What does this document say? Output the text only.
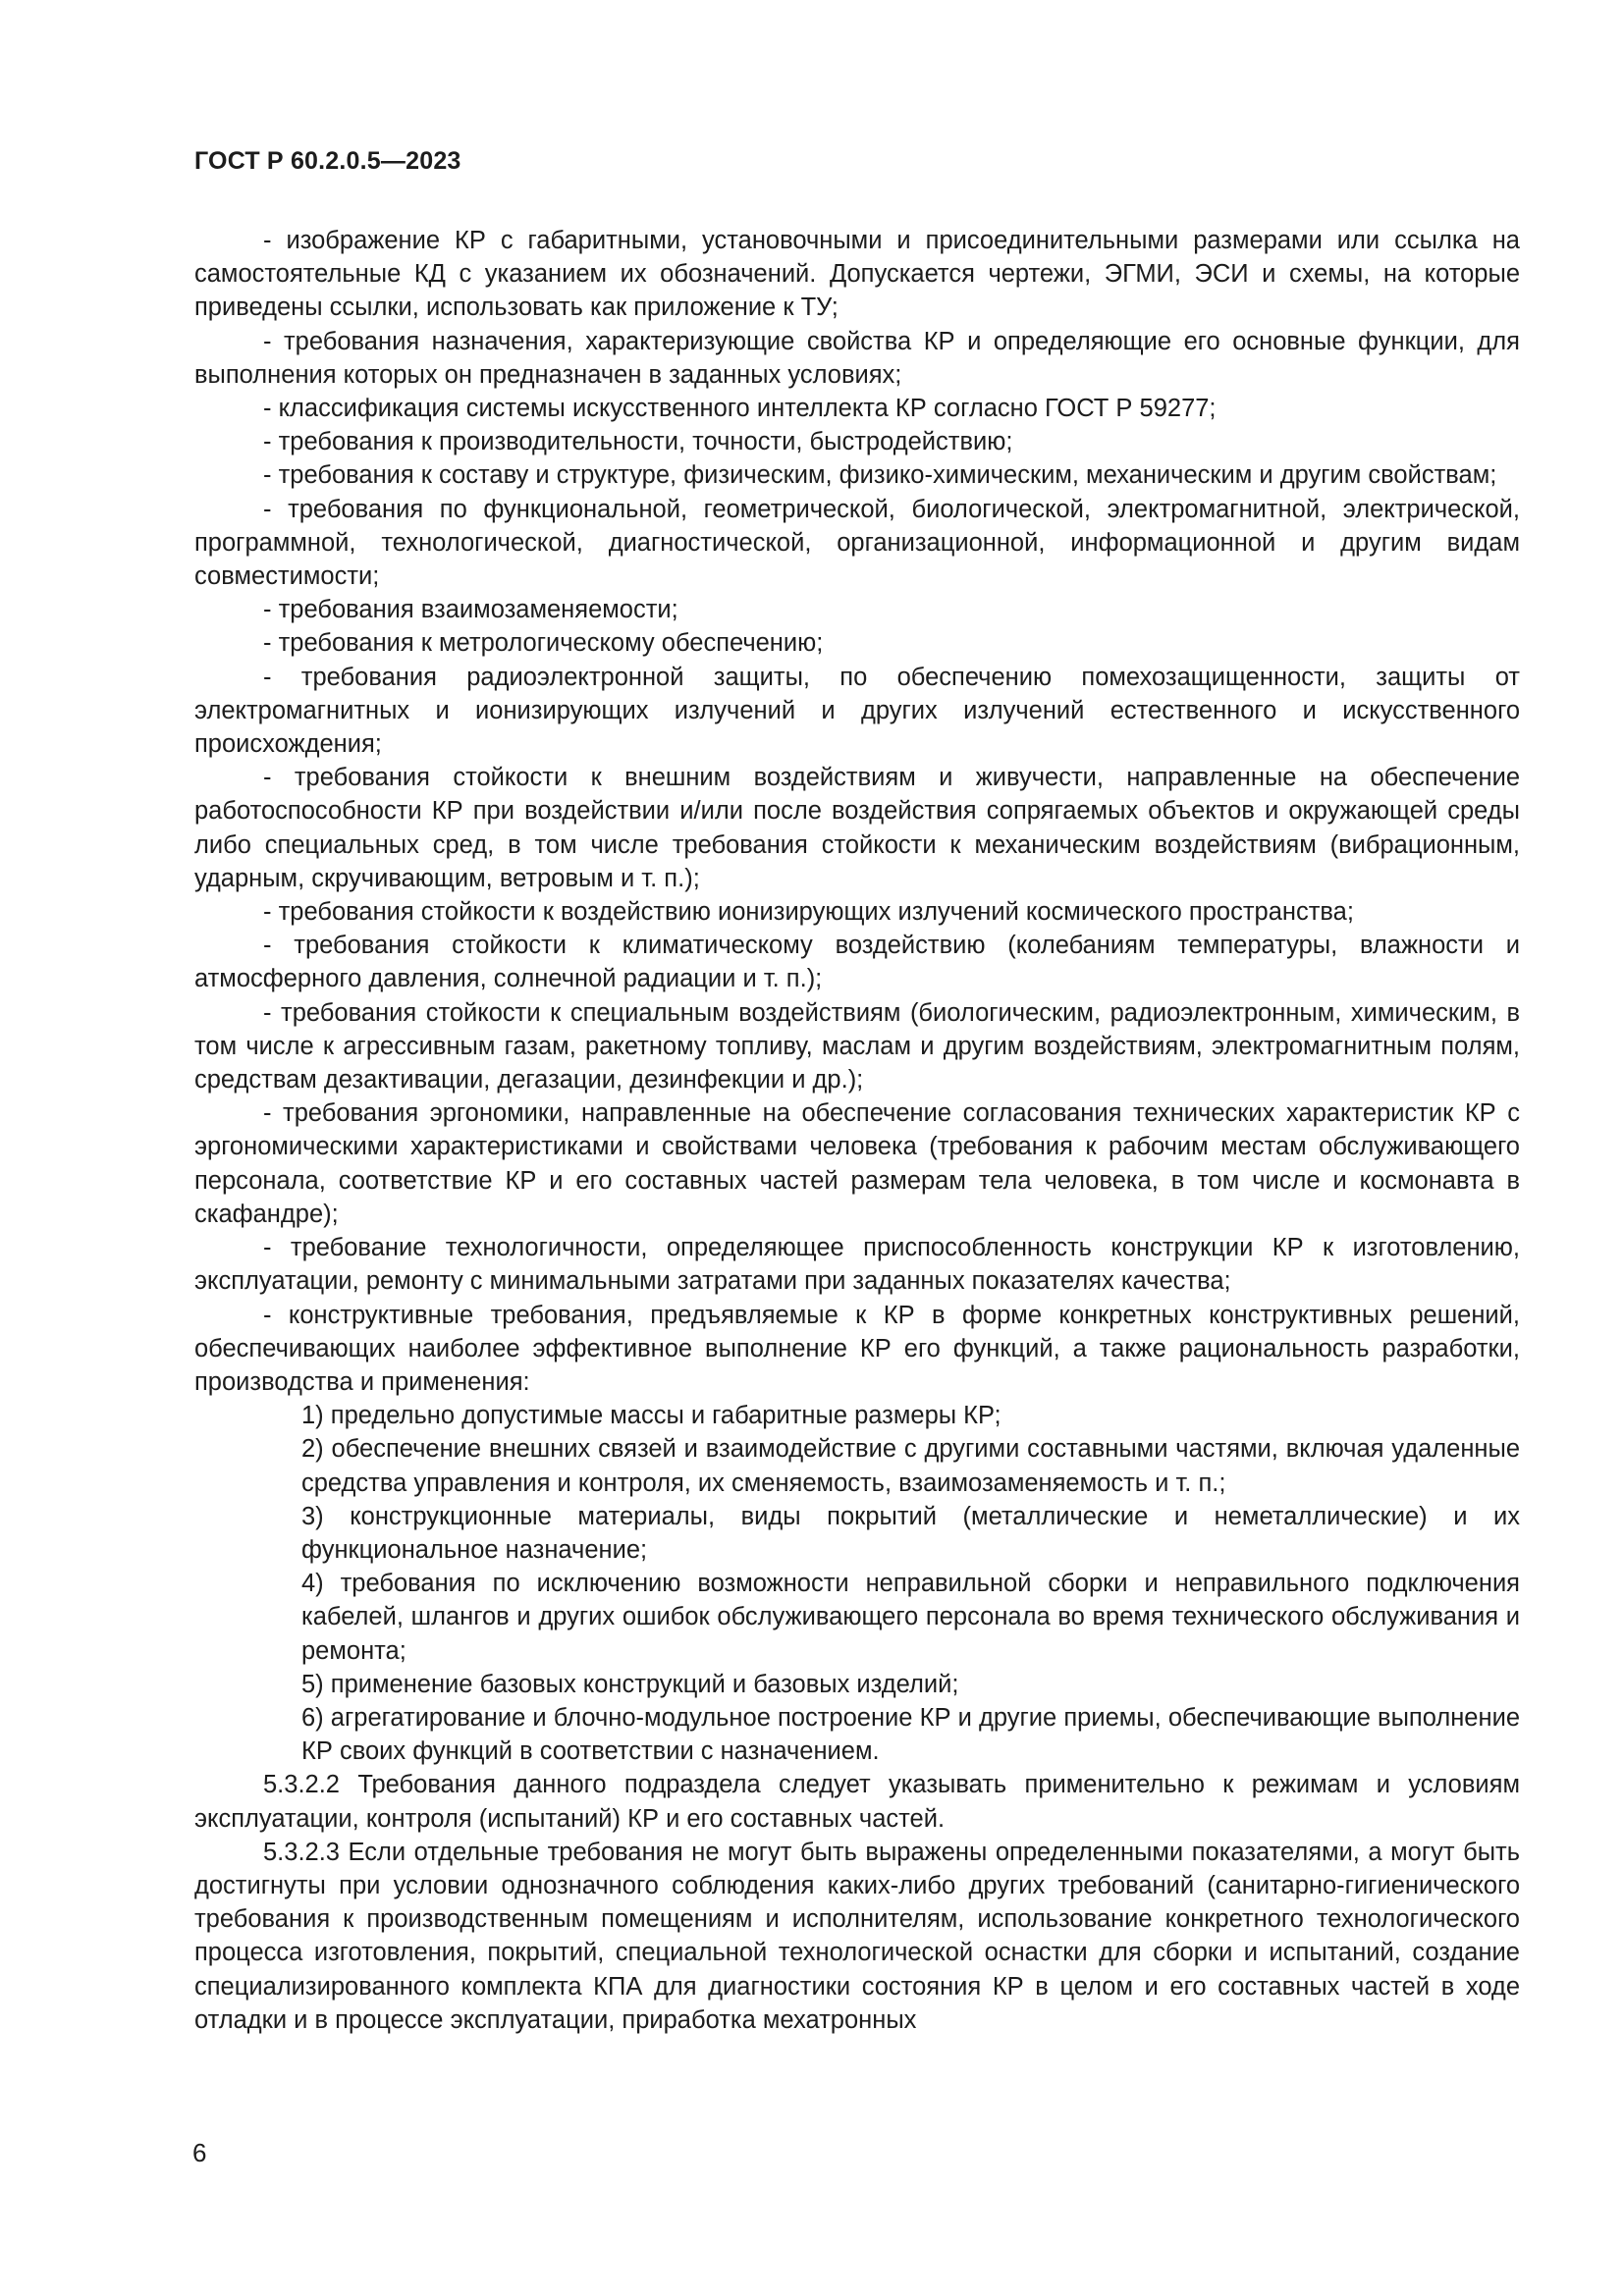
ГОСТ Р 60.2.0.5—2023

- изображение КР с габаритными, установочными и присоединительными размерами или ссылка на самостоятельные КД с указанием их обозначений. Допускается чертежи, ЭГМИ, ЭСИ и схемы, на которые приведены ссылки, использовать как приложение к ТУ;

- требования назначения, характеризующие свойства КР и определяющие его основные функции, для выполнения которых он предназначен в заданных условиях;

- классификация системы искусственного интеллекта КР согласно ГОСТ Р 59277;

- требования к производительности, точности, быстродействию;

- требования к составу и структуре, физическим, физико-химическим, механическим и другим свойствам;

- требования по функциональной, геометрической, биологической, электромагнитной, электрической, программной, технологической, диагностической, организационной, информационной и другим видам совместимости;

- требования взаимозаменяемости;

- требования к метрологическому обеспечению;

- требования радиоэлектронной защиты, по обеспечению помехозащищенности, защиты от электромагнитных и ионизирующих излучений и других излучений естественного и искусственного происхождения;

- требования стойкости к внешним воздействиям и живучести, направленные на обеспечение работоспособности КР при воздействии и/или после воздействия сопрягаемых объектов и окружающей среды либо специальных сред, в том числе требования стойкости к механическим воздействиям (вибрационным, ударным, скручивающим, ветровым и т. п.);

- требования стойкости к воздействию ионизирующих излучений космического пространства;

- требования стойкости к климатическому воздействию (колебаниям температуры, влажности и атмосферного давления, солнечной радиации и т. п.);

- требования стойкости к специальным воздействиям (биологическим, радиоэлектронным, химическим, в том числе к агрессивным газам, ракетному топливу, маслам и другим воздействиям, электромагнитным полям, средствам дезактивации, дегазации, дезинфекции и др.);

- требования эргономики, направленные на обеспечение согласования технических характеристик КР с эргономическими характеристиками и свойствами человека (требования к рабочим местам обслуживающего персонала, соответствие КР и его составных частей размерам тела человека, в том числе и космонавта в скафандре);

- требование технологичности, определяющее приспособленность конструкции КР к изготовлению, эксплуатации, ремонту с минимальными затратами при заданных показателях качества;

- конструктивные требования, предъявляемые к КР в форме конкретных конструктивных решений, обеспечивающих наиболее эффективное выполнение КР его функций, а также рациональность разработки, производства и применения:

1) предельно допустимые массы и габаритные размеры КР;

2) обеспечение внешних связей и взаимодействие с другими составными частями, включая удаленные средства управления и контроля, их сменяемость, взаимозаменяемость и т. п.;

3) конструкционные материалы, виды покрытий (металлические и неметаллические) и их функциональное назначение;

4) требования по исключению возможности неправильной сборки и неправильного подключения кабелей, шлангов и других ошибок обслуживающего персонала во время технического обслуживания и ремонта;

5) применение базовых конструкций и базовых изделий;

6) агрегатирование и блочно-модульное построение КР и другие приемы, обеспечивающие выполнение КР своих функций в соответствии с назначением.

5.3.2.2 Требования данного подраздела следует указывать применительно к режимам и условиям эксплуатации, контроля (испытаний) КР и его составных частей.

5.3.2.3 Если отдельные требования не могут быть выражены определенными показателями, а могут быть достигнуты при условии однозначного соблюдения каких-либо других требований (санитарно-гигиенического требования к производственным помещениям и исполнителям, использование конкретного технологического процесса изготовления, покрытий, специальной технологической оснастки для сборки и испытаний, создание специализированного комплекта КПА для диагностики состояния КР в целом и его составных частей в ходе отладки и в процессе эксплуатации, приработка мехатронных

6
